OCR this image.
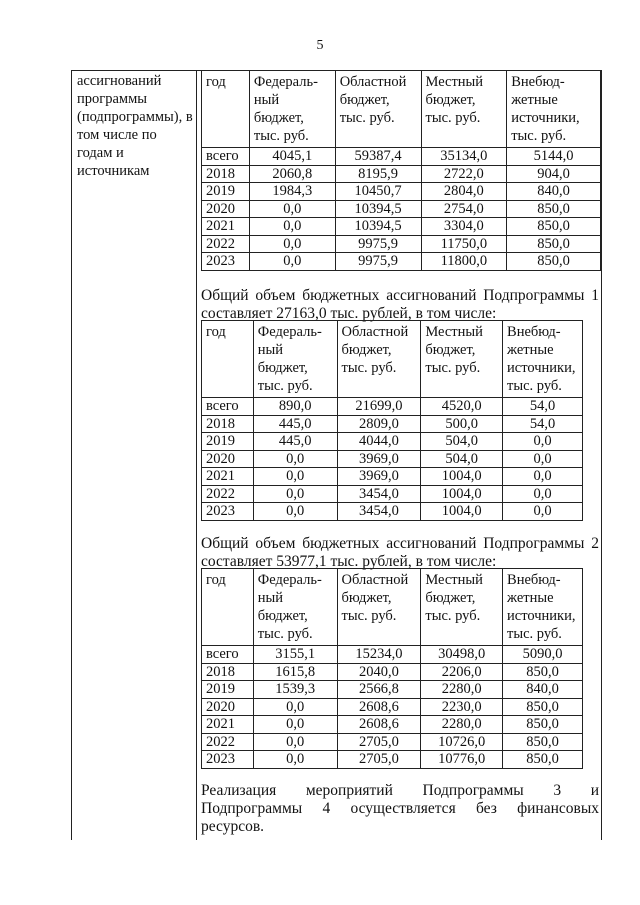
5
ассигнований программы (подпрограммы), в том числе по годам и источникам
год	Федераль-ный бюджет, тыс. руб.	Областной бюджет, тыс. руб.	Местный бюджет, тыс. руб.	Внебюд-жетные источники, тыс. руб.
всего	4045,1	59387,4	35134,0	5144,0
2018	2060,8	8195,9	2722,0	904,0
2019	1984,3	10450,7	2804,0	840,0
2020	0,0	10394,5	2754,0	850,0
2021	0,0	10394,5	3304,0	850,0
2022	0,0	9975,9	11750,0	850,0
2023	0,0	9975,9	11800,0	850,0
Общий объем бюджетных ассигнований Подпрограммы 1 составляет 27163,0 тыс. рублей, в том числе:
год	Федераль-ный бюджет, тыс. руб.	Областной бюджет, тыс. руб.	Местный бюджет, тыс. руб.	Внебюд-жетные источники, тыс. руб.
всего	890,0	21699,0	4520,0	54,0
2018	445,0	2809,0	500,0	54,0
2019	445,0	4044,0	504,0	0,0
2020	0,0	3969,0	504,0	0,0
2021	0,0	3969,0	1004,0	0,0
2022	0,0	3454,0	1004,0	0,0
2023	0,0	3454,0	1004,0	0,0
Общий объем бюджетных ассигнований Подпрограммы 2 составляет 53977,1 тыс. рублей, в том числе:
год	Федераль-ный бюджет, тыс. руб.	Областной бюджет, тыс. руб.	Местный бюджет, тыс. руб.	Внебюд-жетные источники, тыс. руб.
всего	3155,1	15234,0	30498,0	5090,0
2018	1615,8	2040,0	2206,0	850,0
2019	1539,3	2566,8	2280,0	840,0
2020	0,0	2608,6	2230,0	850,0
2021	0,0	2608,6	2280,0	850,0
2022	0,0	2705,0	10726,0	850,0
2023	0,0	2705,0	10776,0	850,0
Реализация мероприятий Подпрограммы 3 и Подпрограммы 4 осуществляется без финансовых ресурсов.
